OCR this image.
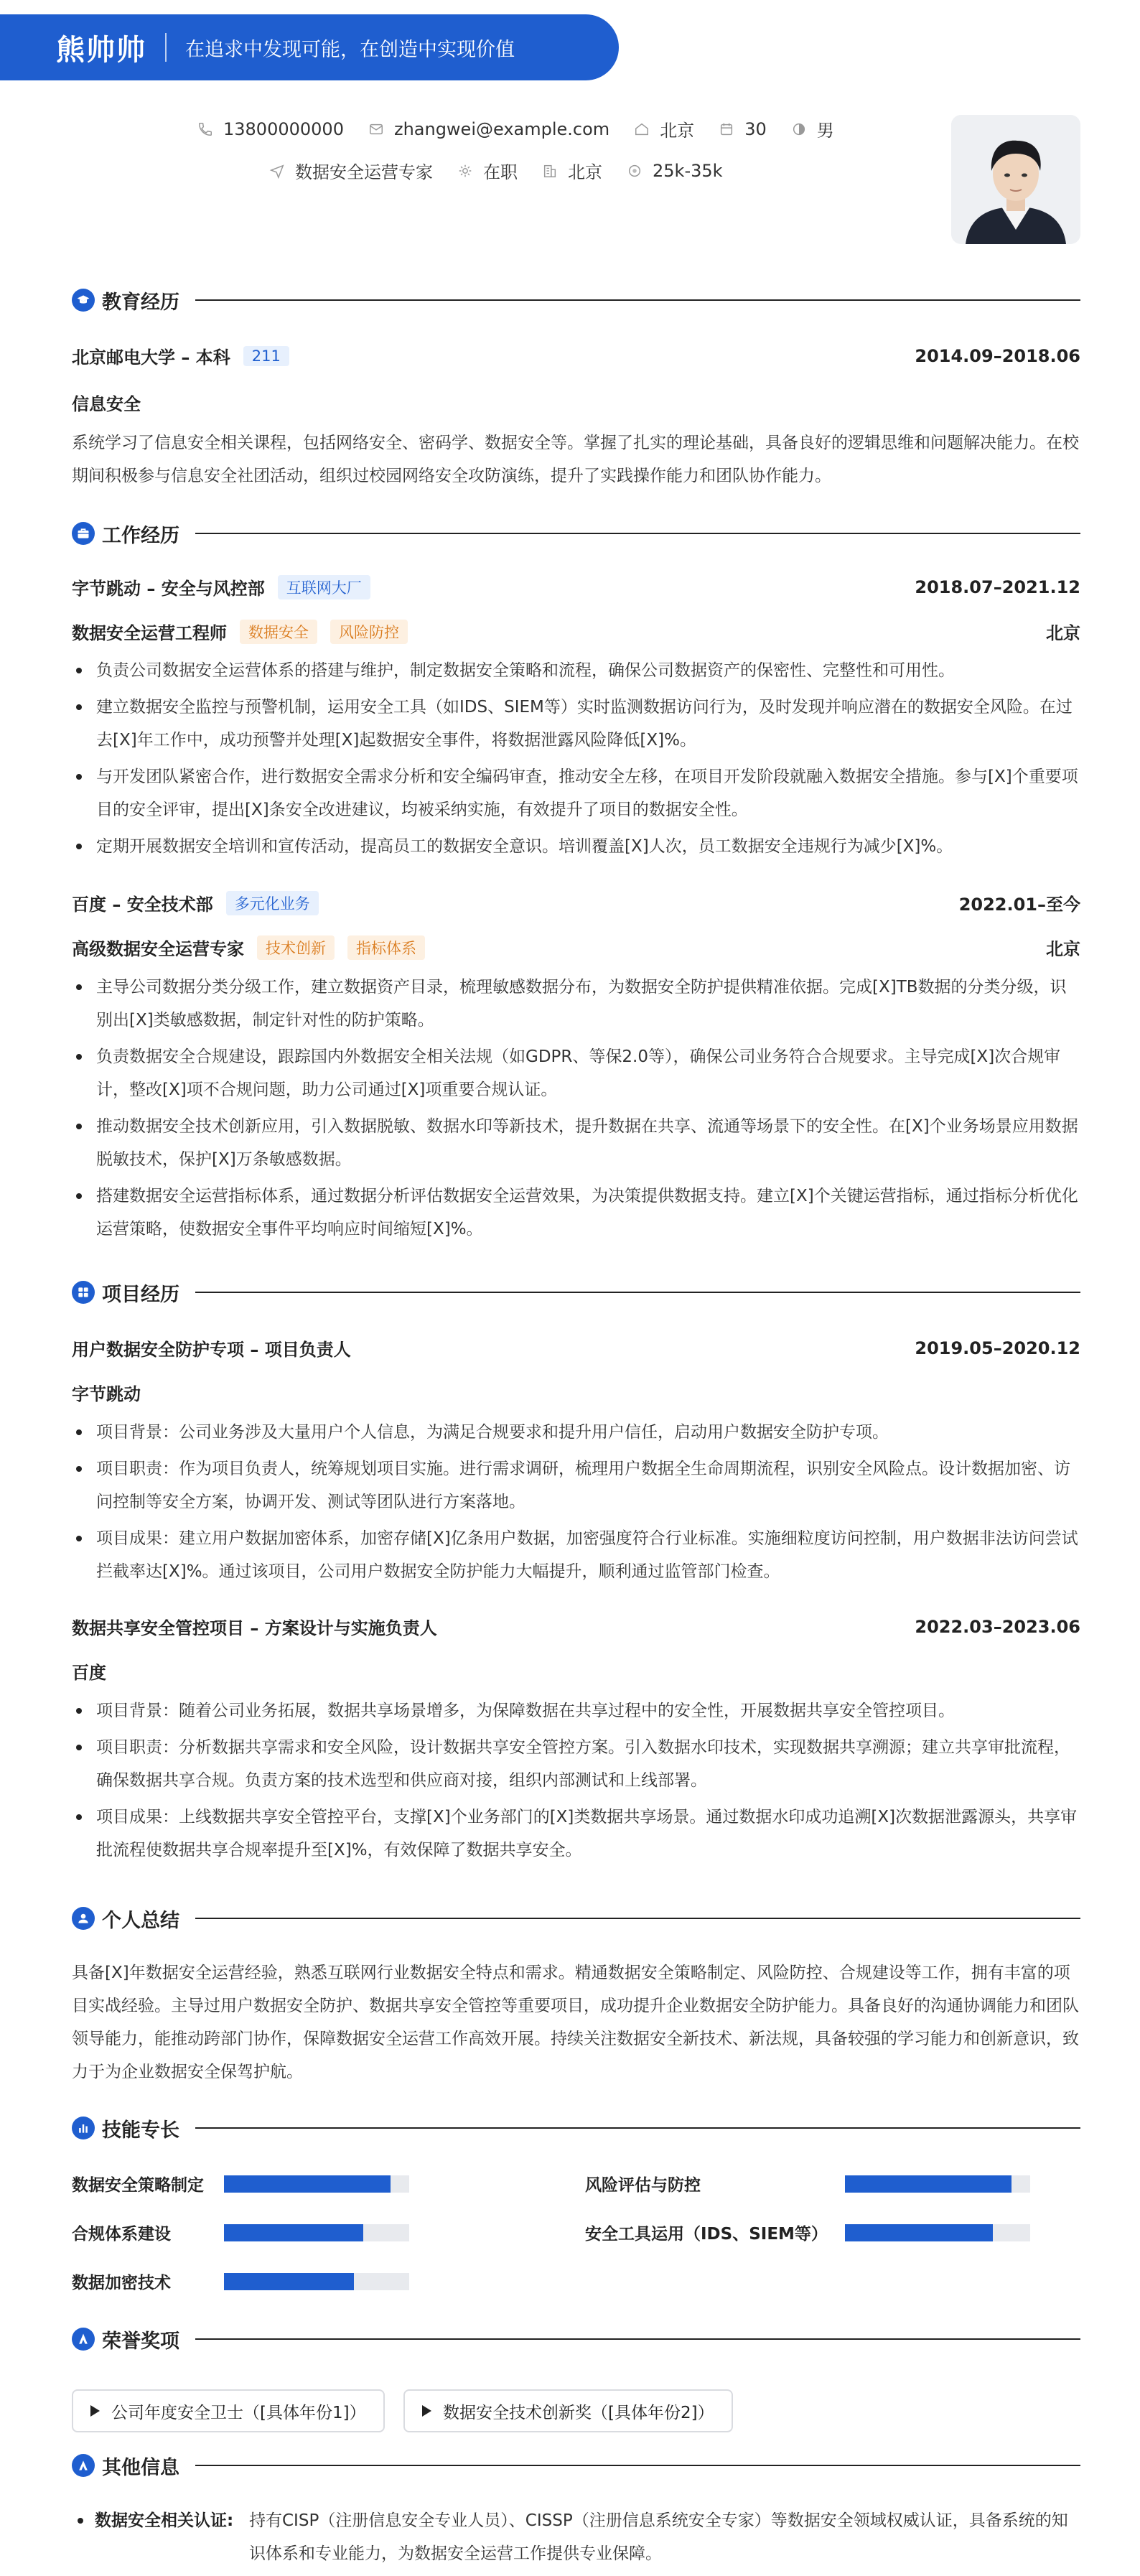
熊帅帅 在追求中发现可能，在创造中实现价值
13800000000	zhangwei@example.com	北京	30	男
数据安全运营专家	在职	北京	25k-35k
教育经历
北京邮电大学 – 本科	211	2014.09–2018.06
信息安全

系统学习了信息安全相关课程，包括网络安全、密码学、数据安全等。掌握了扎实的理论基础，具备良好的逻辑思维和问题解决能力。在校期间积极参与信息安全社团活动，组织过校园网络安全攻防演练，提升了实践操作能力和团队协作能力。

工作经历
字节跳动 – 安全与风控部	互联网大厂	2018.07–2021.12
数据安全运营工程师	数据安全	风险防控	北京
负责公司数据安全运营体系的搭建与维护，制定数据安全策略和流程，确保公司数据资产的保密性、完整性和可用性。
建立数据安全监控与预警机制，运用安全工具（如IDS、SIEM等）实时监测数据访问行为，及时发现并响应潜在的数据安全风险。在过去[X]年工作中，成功预警并处理[X]起数据安全事件，将数据泄露风险降低[X]%。
与开发团队紧密合作，进行数据安全需求分析和安全编码审查，推动安全左移，在项目开发阶段就融入数据安全措施。参与[X]个重要项目的安全评审，提出[X]条安全改进建议，均被采纳实施，有效提升了项目的数据安全性。
定期开展数据安全培训和宣传活动，提高员工的数据安全意识。培训覆盖[X]人次，员工数据安全违规行为减少[X]%。
百度 – 安全技术部	多元化业务	2022.01–至今
高级数据安全运营专家	技术创新	指标体系	北京
主导公司数据分类分级工作，建立数据资产目录，梳理敏感数据分布，为数据安全防护提供精准依据。完成[X]TB数据的分类分级，识别出[X]类敏感数据，制定针对性的防护策略。
负责数据安全合规建设，跟踪国内外数据安全相关法规（如GDPR、等保2.0等），确保公司业务符合合规要求。主导完成[X]次合规审计，整改[X]项不合规问题，助力公司通过[X]项重要合规认证。
推动数据安全技术创新应用，引入数据脱敏、数据水印等新技术，提升数据在共享、流通等场景下的安全性。在[X]个业务场景应用数据脱敏技术，保护[X]万条敏感数据。
搭建数据安全运营指标体系，通过数据分析评估数据安全运营效果，为决策提供数据支持。建立[X]个关键运营指标，通过指标分析优化运营策略，使数据安全事件平均响应时间缩短[X]%。
项目经历
用户数据安全防护专项 – 项目负责人	2019.05–2020.12
字节跳动
项目背景：公司业务涉及大量用户个人信息，为满足合规要求和提升用户信任，启动用户数据安全防护专项。
项目职责：作为项目负责人，统筹规划项目实施。进行需求调研，梳理用户数据全生命周期流程，识别安全风险点。设计数据加密、访问控制等安全方案，协调开发、测试等团队进行方案落地。
项目成果：建立用户数据加密体系，加密存储[X]亿条用户数据，加密强度符合行业标准。实施细粒度访问控制，用户数据非法访问尝试拦截率达[X]%。通过该项目，公司用户数据安全防护能力大幅提升，顺利通过监管部门检查。
数据共享安全管控项目 – 方案设计与实施负责人	2022.03–2023.06
百度
项目背景：随着公司业务拓展，数据共享场景增多，为保障数据在共享过程中的安全性，开展数据共享安全管控项目。
项目职责：分析数据共享需求和安全风险，设计数据共享安全管控方案。引入数据水印技术，实现数据共享溯源；建立共享审批流程，确保数据共享合规。负责方案的技术选型和供应商对接，组织内部测试和上线部署。
项目成果：上线数据共享安全管控平台，支撑[X]个业务部门的[X]类数据共享场景。通过数据水印成功追溯[X]次数据泄露源头，共享审批流程使数据共享合规率提升至[X]%，有效保障了数据共享安全。
个人总结

具备[X]年数据安全运营经验，熟悉互联网行业数据安全特点和需求。精通数据安全策略制定、风险防控、合规建设等工作，拥有丰富的项目实战经验。主导过用户数据安全防护、数据共享安全管控等重要项目，成功提升企业数据安全防护能力。具备良好的沟通协调能力和团队领导能力，能推动跨部门协作，保障数据安全运营工作高效开展。持续关注数据安全新技术、新法规，具备较强的学习能力和创新意识，致力于为企业数据安全保驾护航。

技能专长
数据安全策略制定	风险评估与防控
合规体系建设	安全工具运用（IDS、SIEM等）
数据加密技术
荣誉奖项
公司年度安全卫士（[具体年份1]）	数据安全技术创新奖（[具体年份2]）
其他信息
数据安全相关认证: 持有CISP（注册信息安全专业人员）、CISSP（注册信息系统安全专家）等数据安全领域权威认证，具备系统的知识体系和专业能力，为数据安全运营工作提供专业保障。
